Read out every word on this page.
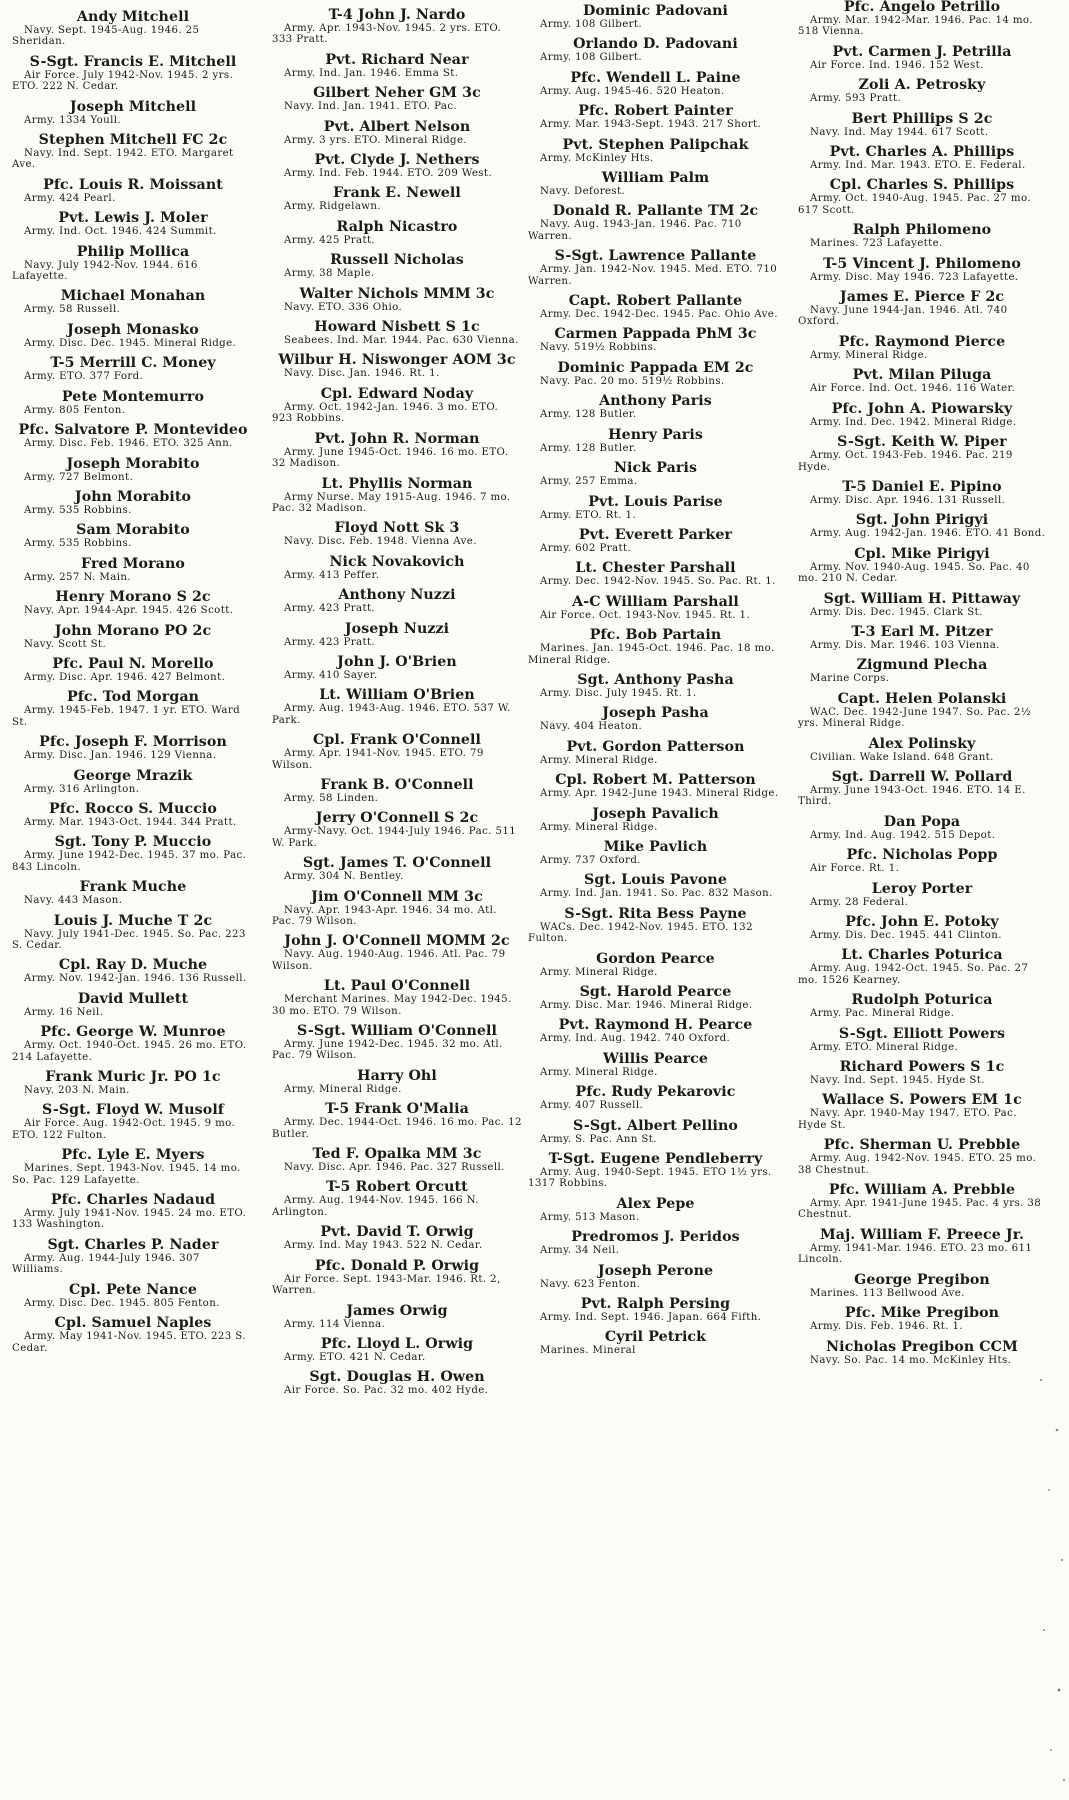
Andy Mitchell
Navy. Sept. 1945-Aug. 1946. 25 Sheridan.
S-Sgt. Francis E. Mitchell
Air Force. July 1942-Nov. 1945. 2 yrs. ETO. 222 N. Cedar.
Joseph Mitchell
Army. 1334 Youll.
Stephen Mitchell FC 2c
Navy. Ind. Sept. 1942. ETO. Margaret Ave.
Pfc. Louis R. Moissant
Army. 424 Pearl.
Pvt. Lewis J. Moler
Army. Ind. Oct. 1946. 424 Summit.
Philip Mollica
Navy. July 1942-Nov. 1944. 616 Lafayette.
Michael Monahan
Army. 58 Russell.
Joseph Monasko
Army. Disc. Dec. 1945. Mineral Ridge.
T-5 Merrill C. Money
Army. ETO. 377 Ford.
Pete Montemurro
Army. 805 Fenton.
Pfc. Salvatore P. Montevideo
Army. Disc. Feb. 1946. ETO. 325 Ann.
Joseph Morabito
Army. 727 Belmont.
John Morabito
Army. 535 Robbins.
Sam Morabito
Army. 535 Robbins.
Fred Morano
Army. 257 N. Main.
Henry Morano S 2c
Navy. Apr. 1944-Apr. 1945. 426 Scott.
John Morano PO 2c
Navy. Scott St.
Pfc. Paul N. Morello
Army. Disc. Apr. 1946. 427 Belmont.
Pfc. Tod Morgan
Army. 1945-Feb. 1947. 1 yr. ETO. Ward St.
Pfc. Joseph F. Morrison
Army. Disc. Jan. 1946. 129 Vienna.
George Mrazik
Army. 316 Arlington.
Pfc. Rocco S. Muccio
Army. Mar. 1943-Oct. 1944. 344 Pratt.
Sgt. Tony P. Muccio
Army. June 1942-Dec. 1945. 37 mo. Pac. 843 Lincoln.
Frank Muche
Navy. 443 Mason.
Louis J. Muche T 2c
Navy. July 1941-Dec. 1945. So. Pac. 223 S. Cedar.
Cpl. Ray D. Muche
Army. Nov. 1942-Jan. 1946. 136 Russell.
David Mullett
Army. 16 Neil.
Pfc. George W. Munroe
Army. Oct. 1940-Oct. 1945. 26 mo. ETO. 214 Lafayette.
Frank Muric Jr. PO 1c
Navy. 203 N. Main.
S-Sgt. Floyd W. Musolf
Air Force. Aug. 1942-Oct. 1945. 9 mo. ETO. 122 Fulton.
Pfc. Lyle E. Myers
Marines. Sept. 1943-Nov. 1945. 14 mo. So. Pac. 129 Lafayette.
Pfc. Charles Nadaud
Army. July 1941-Nov. 1945. 24 mo. ETO. 133 Washington.
Sgt. Charles P. Nader
Army. Aug. 1944-July 1946. 307 Williams.
Cpl. Pete Nance
Army. Disc. Dec. 1945. 805 Fenton.
Cpl. Samuel Naples
Army. May 1941-Nov. 1945. ETO. 223 S. Cedar.
T-4 John J. Nardo
Army. Apr. 1943-Nov. 1945. 2 yrs. ETO. 333 Pratt.
Pvt. Richard Near
Army. Ind. Jan. 1946. Emma St.
Gilbert Neher GM 3c
Navy. Ind. Jan. 1941. ETO. Pac.
Pvt. Albert Nelson
Army. 3 yrs. ETO. Mineral Ridge.
Pvt. Clyde J. Nethers
Army. Ind. Feb. 1944. ETO. 209 West.
Frank E. Newell
Army. Ridgelawn.
Ralph Nicastro
Army. 425 Pratt.
Russell Nicholas
Army. 38 Maple.
Walter Nichols MMM 3c
Navy. ETO. 336 Ohio.
Howard Nisbett S 1c
Seabees. Ind. Mar. 1944. Pac. 630 Vienna.
Wilbur H. Niswonger AOM 3c
Navy. Disc. Jan. 1946. Rt. 1.
Cpl. Edward Noday
Army. Oct. 1942-Jan. 1946. 3 mo. ETO. 923 Robbins.
Pvt. John R. Norman
Army. June 1945-Oct. 1946. 16 mo. ETO. 32 Madison.
Lt. Phyllis Norman
Army Nurse. May 1915-Aug. 1946. 7 mo. Pac. 32 Madison.
Floyd Nott Sk 3
Navy. Disc. Feb. 1948. Vienna Ave.
Nick Novakovich
Army. 413 Peffer.
Anthony Nuzzi
Army. 423 Pratt.
Joseph Nuzzi
Army. 423 Pratt.
John J. O'Brien
Army. 410 Sayer.
Lt. William O'Brien
Army. Aug. 1943-Aug. 1946. ETO. 537 W. Park.
Cpl. Frank O'Connell
Army. Apr. 1941-Nov. 1945. ETO. 79 Wilson.
Frank B. O'Connell
Army. 58 Linden.
Jerry O'Connell S 2c
Army-Navy. Oct. 1944-July 1946. Pac. 511 W. Park.
Sgt. James T. O'Connell
Army. 304 N. Bentley.
Jim O'Connell MM 3c
Navy. Apr. 1943-Apr. 1946. 34 mo. Atl. Pac. 79 Wilson.
John J. O'Connell MOMM 2c
Navy. Aug. 1940-Aug. 1946. Atl. Pac. 79 Wilson.
Lt. Paul O'Connell
Merchant Marines. May 1942-Dec. 1945. 30 mo. ETO. 79 Wilson.
S-Sgt. William O'Connell
Army. June 1942-Dec. 1945. 32 mo. Atl. Pac. 79 Wilson.
Harry Ohl
Army. Mineral Ridge.
T-5 Frank O'Malia
Army. Dec. 1944-Oct. 1946. 16 mo. Pac. 12 Butler.
Ted F. Opalka MM 3c
Navy. Disc. Apr. 1946. Pac. 327 Russell.
T-5 Robert Orcutt
Army. Aug. 1944-Nov. 1945. 166 N. Arlington.
Pvt. David T. Orwig
Army. Ind. May 1943. 522 N. Cedar.
Pfc. Donald P. Orwig
Air Force. Sept. 1943-Mar. 1946. Rt. 2, Warren.
James Orwig
Army. 114 Vienna.
Pfc. Lloyd L. Orwig
Army. ETO. 421 N. Cedar.
Sgt. Douglas H. Owen
Air Force. So. Pac. 32 mo. 402 Hyde.
Dominic Padovani
Army. 108 Gilbert.
Orlando D. Padovani
Army. 108 Gilbert.
Pfc. Wendell L. Paine
Army. Aug. 1945-46. 520 Heaton.
Pfc. Robert Painter
Army. Mar. 1943-Sept. 1943. 217 Short.
Pvt. Stephen Palipchak
Army. McKinley Hts.
William Palm
Navy. Deforest.
Donald R. Pallante TM 2c
Navy. Aug. 1943-Jan. 1946. Pac. 710 Warren.
S-Sgt. Lawrence Pallante
Army. Jan. 1942-Nov. 1945. Med. ETO. 710 Warren.
Capt. Robert Pallante
Army. Dec. 1942-Dec. 1945. Pac. Ohio Ave.
Carmen Pappada PhM 3c
Navy. 519½ Robbins.
Dominic Pappada EM 2c
Navy. Pac. 20 mo. 519½ Robbins.
Anthony Paris
Army. 128 Butler.
Henry Paris
Army. 128 Butler.
Nick Paris
Army. 257 Emma.
Pvt. Louis Parise
Army. ETO. Rt. 1.
Pvt. Everett Parker
Army. 602 Pratt.
Lt. Chester Parshall
Army. Dec. 1942-Nov. 1945. So. Pac. Rt. 1.
A-C William Parshall
Air Force. Oct. 1943-Nov. 1945. Rt. 1.
Pfc. Bob Partain
Marines. Jan. 1945-Oct. 1946. Pac. 18 mo. Mineral Ridge.
Sgt. Anthony Pasha
Army. Disc. July 1945. Rt. 1.
Joseph Pasha
Navy. 404 Heaton.
Pvt. Gordon Patterson
Army. Mineral Ridge.
Cpl. Robert M. Patterson
Army. Apr. 1942-June 1943. Mineral Ridge.
Joseph Pavalich
Army. Mineral Ridge.
Mike Pavlich
Army. 737 Oxford.
Sgt. Louis Pavone
Army. Ind. Jan. 1941. So. Pac. 832 Mason.
S-Sgt. Rita Bess Payne
WACs. Dec. 1942-Nov. 1945. ETO. 132 Fulton.
Gordon Pearce
Army. Mineral Ridge.
Sgt. Harold Pearce
Army. Disc. Mar. 1946. Mineral Ridge.
Pvt. Raymond H. Pearce
Army. Ind. Aug. 1942. 740 Oxford.
Willis Pearce
Army. Mineral Ridge.
Pfc. Rudy Pekarovic
Army. 407 Russell.
S-Sgt. Albert Pellino
Army. S. Pac. Ann St.
T-Sgt. Eugene Pendleberry
Army. Aug. 1940-Sept. 1945. ETO 1½ yrs. 1317 Robbins.
Alex Pepe
Army. 513 Mason.
Predromos J. Peridos
Army. 34 Neil.
Joseph Perone
Navy. 623 Fenton.
Pvt. Ralph Persing
Army. Ind. Sept. 1946. Japan. 664 Fifth.
Cyril Petrick
Marines. Mineral
Pfc. Angelo Petrillo
Army. Mar. 1942-Mar. 1946. Pac. 14 mo. 518 Vienna.
Pvt. Carmen J. Petrilla
Air Force. Ind. 1946. 152 West.
Zoli A. Petrosky
Army. 593 Pratt.
Bert Phillips S 2c
Navy. Ind. May 1944. 617 Scott.
Pvt. Charles A. Phillips
Army. Ind. Mar. 1943. ETO. E. Federal.
Cpl. Charles S. Phillips
Army. Oct. 1940-Aug. 1945. Pac. 27 mo. 617 Scott.
Ralph Philomeno
Marines. 723 Lafayette.
T-5 Vincent J. Philomeno
Army. Disc. May 1946. 723 Lafayette.
James E. Pierce F 2c
Navy. June 1944-Jan. 1946. Atl. 740 Oxford.
Pfc. Raymond Pierce
Army. Mineral Ridge.
Pvt. Milan Piluga
Air Force. Ind. Oct. 1946. 116 Water.
Pfc. John A. Piowarsky
Army. Ind. Dec. 1942. Mineral Ridge.
S-Sgt. Keith W. Piper
Army. Oct. 1943-Feb. 1946. Pac. 219 Hyde.
T-5 Daniel E. Pipino
Army. Disc. Apr. 1946. 131 Russell.
Sgt. John Pirigyi
Army. Aug. 1942-Jan. 1946. ETO. 41 Bond.
Cpl. Mike Pirigyi
Army. Nov. 1940-Aug. 1945. So. Pac. 40 mo. 210 N. Cedar.
Sgt. William H. Pittaway
Army. Dis. Dec. 1945. Clark St.
T-3 Earl M. Pitzer
Army. Dis. Mar. 1946. 103 Vienna.
Zigmund Plecha
Marine Corps.
Capt. Helen Polanski
WAC. Dec. 1942-June 1947. So. Pac. 2½ yrs. Mineral Ridge.
Alex Polinsky
Civilian. Wake Island. 648 Grant.
Sgt. Darrell W. Pollard
Army. June 1943-Oct. 1946. ETO. 14 E. Third.
Dan Popa
Army. Ind. Aug. 1942. 515 Depot.
Pfc. Nicholas Popp
Air Force. Rt. 1.
Leroy Porter
Army. 28 Federal.
Pfc. John E. Potoky
Army. Dis. Dec. 1945. 441 Clinton.
Lt. Charles Poturica
Army. Aug. 1942-Oct. 1945. So. Pac. 27 mo. 1526 Kearney.
Rudolph Poturica
Army. Pac. Mineral Ridge.
S-Sgt. Elliott Powers
Army. ETO. Mineral Ridge.
Richard Powers S 1c
Navy. Ind. Sept. 1945. Hyde St.
Wallace S. Powers EM 1c
Navy. Apr. 1940-May 1947. ETO. Pac. Hyde St.
Pfc. Sherman U. Prebble
Army. Aug. 1942-Nov. 1945. ETO. 25 mo. 38 Chestnut.
Pfc. William A. Prebble
Army. Apr. 1941-June 1945. Pac. 4 yrs. 38 Chestnut.
Maj. William F. Preece Jr.
Army. 1941-Mar. 1946. ETO. 23 mo. 611 Lincoln.
George Pregibon
Marines. 113 Bellwood Ave.
Pfc. Mike Pregibon
Army. Dis. Feb. 1946. Rt. 1.
Nicholas Pregibon CCM
Navy. So. Pac. 14 mo. McKinley Hts.
